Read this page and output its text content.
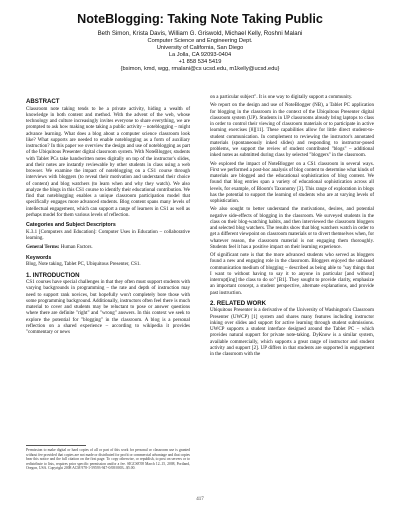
NoteBlogging: Taking Note Taking Public
Beth Simon, Krista Davis, William G. Griswold, Michael Kelly, Roshni Malani
Computer Science and Engineering Dept.
University of California, San Diego
La Jolla, CA 92093-0404
+1 858 534 5419
{bsimon, kmd, wgg, rmalani@cs ucsd.edu, m1kelly@ucsd.edu}
ABSTRACT

Classroom note taking tends to be a private activity, hiding a wealth of knowledge in both content and method. With the advent of the web, whose technology and culture increasingly invites everyone to share everything, we are prompted to ask how making note taking a public activity – noteblogging – might advance learning. What does a blog about a computer science classroom look like? What supports are needed to enable noteblogging as a form of auxiliary instruction? In this paper we overview the design and use of noteblogging as part of the Ubiquitous Presenter digital classroom system. With NoteBlogger, students with Tablet PCs take handwritten notes digitally on top of the instructor's slides, and their notes are instantly reviewable by other students in class using a web browser. We examine the impact of noteblogging on a CS1 course through interviews with bloggers (to reveal their motivation and understand their choice of content) and blog watchers (to learn when and why they watch). We also analyze the blogs in this CS1 course to identify their educational contribution. We find that noteblogging enables a unique classroom participation model that specifically engages more advanced students. Blog content spans many levels of intellectual engagement, which can support a range of learners in CS1 as well as perhaps model for them various levels of reflection.

Categories and Subject Descriptors

K.3.1 [Computers and Education]: Computer Uses in Education – collaborative learning.

General Terms: Human Factors.

Keywords

Blog, Note taking, Tablet PC, Ubiquitous Presenter, CS1.

1. INTRODUCTION

CS1 courses have special challenges in that they often must support students with varying backgrounds in programming – the rate and depth of instruction may need to support rank novices, but hopefully won't completely bore those with some programming background. Additionally, instructors often feel there is much material to cover and students may be reluctant to pose or answer questions where there are definite "right" and "wrong" answers. In this context we seek to explore the potential for "blogging" in the classroom. A blog is a personal reflection on a shared experience – according to wikipedia it provides "commentary or news

Permission to make digital or hard copies of all or part of this work for personal or classroom use is granted without fee provided that copies are not made or distributed for profit or commercial advantage and that copies bear this notice and the full citation on the first page. To copy otherwise, or republish, to post on servers or to redistribute to lists, requires prior specific permission and/or a fee. SIGCSE'08 March 12–15, 2008, Portland, Oregon, USA. Copyright 2008 ACM 978-1-59593-947-0/08/0003...$5.00.

on a particular subject". It is one way to digitally support a community.

We report on the design and use of NoteBlogger (NB), a Tablet PC application for blogging in the classroom in the context of the Ubiquitous Presenter digital classroom system (UP). Students in UP classrooms already bring laptops to class in order to control their viewing of classroom materials or to participate in active learning exercises [8][11]. These capabilities allow for little direct student-to-student communication. In complement to reviewing the instructor's annotated materials (spontaneously inked slides) and responding to instructor-posed problems, we support the review of student contributed "blogs" – additional inked notes as submitted during class by selected "bloggers" in the classroom.

We explored the impact of NoteBlogger on a CS1 classroom in several ways. First we performed a post-hoc analysis of blog content to determine what kinds of materials are blogged and the educational sophistication of blog content. We found that blog entries span a variety of educational sophistication across all levels, for example, of Bloom's Taxonomy [3]. This range of exploration in blogs has the potential to support the learning of students who are at varying levels of sophistication.

We also sought to better understand the motivations, desires, and potential negative side-effects of blogging in the classroom. We surveyed students in the class on their blog-watching habits, and then interviewed the classroom bloggers and selected blog watchers. The results show that blog watchers watch in order to get a different viewpoint on classroom materials or to divert themselves when, for whatever reason, the classroom material is not engaging them thoroughly. Students feel it has a positive impact on their learning experience.

Of significant note is that the more advanced students who served as bloggers found a new and engaging role in the classroom. Bloggers enjoyed the unbiased communication medium of blogging – described as being able to "say things that I want to without having to say it to anyone in particular [and without] interrupt[ing] the class to do so" [B1]. They sought to provide clarity, emphasize an important concept, a student perspective, alternate explanations, and provide past instruction.

2. RELATED WORK

Ubiquitous Presenter is a derivative of the University of Washington's Classroom Presenter (UWCP) [1] system and shares many features including instructor inking over slides and support for active learning through student submissions. UWCP supports a student interface designed around the Tablet PC – which provides natural support for private note-taking. DyKnow is a similar system, available commercially, which supports a great range of instructor and student activity and support [2]. UP differs in that students are supported in engagement in the classroom with the

417
